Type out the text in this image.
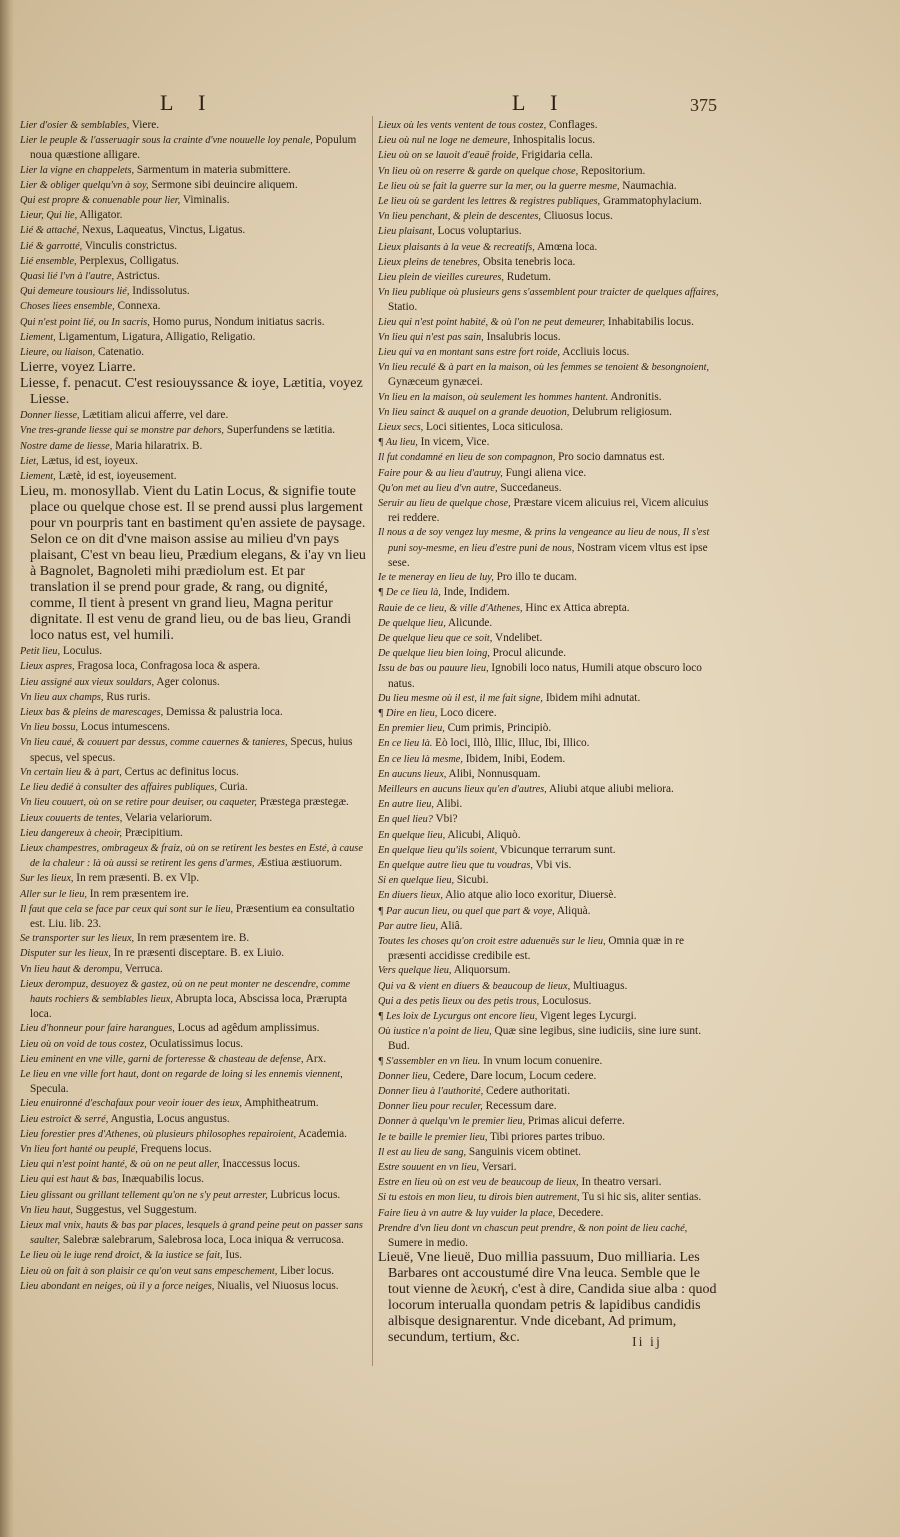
L I	L I	375

Lier d'osier & semblables, Viere.

Lier le peuple & l'asseruagir sous la crainte d'vne nouuelle loy penale, Populum noua quæstione alligare.

Lier la vigne en chappelets, Sarmentum in materia submittere.

Lier & obliger quelqu'vn à soy, Sermone sibi deuincire aliquem.

Qui est propre & conuenable pour lier, Viminalis.

Lieur, Qui lie, Alligator.

Lié & attaché, Nexus, Laqueatus, Vinctus, Ligatus.

Lié & garrotté, Vinculis constrictus.

Lié ensemble, Perplexus, Colligatus.

Quasi lié l'vn à l'autre, Astrictus.

Qui demeure tousiours lié, Indissolutus.

Choses liees ensemble, Connexa.

Qui n'est point lié, ou In sacris, Homo purus, Nondum initiatus sacris.

Liement, Ligamentum, Ligatura, Alligatio, Religatio.

Lieure, ou liaison, Catenatio.

Lierre, voyez Liarre.

Liesse, f. penacut. C'est resiouyssance & ioye, Lætitia, voyez Liesse.

Donner liesse, Lætitiam alicui afferre, vel dare.

Vne tres-grande liesse qui se monstre par dehors, Superfundens se lætitia.

Nostre dame de liesse, Maria hilaratrix. B.

Liet, Lætus, id est, ioyeux.

Liement, Lætè, id est, ioyeusement.

Lieu, m. monosyllab. Vient du Latin Locus, & signifie toute place ou quelque chose est. Il se prend aussi plus largement pour vn pourpris tant en bastiment qu'en assiete de paysage. Selon ce on dit d'vne maison assise au milieu d'vn pays plaisant, C'est vn beau lieu, Prædium elegans, & i'ay vn lieu à Bagnolet, Bagnoleti mihi prædiolum est. Et par translation il se prend pour grade, & rang, ou dignité, comme, Il tient à present vn grand lieu, Magna peritur dignitate. Il est venu de grand lieu, ou de bas lieu, Grandi loco natus est, vel humili.

Petit lieu, Loculus.

Lieux aspres, Fragosa loca, Confragosa loca & aspera.

Lieu assigné aux vieux souldars, Ager colonus.

Vn lieu aux champs, Rus ruris.

Lieux bas & pleins de marescages, Demissa & palustria loca.

Vn lieu bossu, Locus intumescens.

Vn lieu caué, & couuert par dessus, comme cauernes & tanieres, Specus, huius specus, vel specus.

Vn certain lieu & à part, Certus ac definitus locus.

Le lieu dedié à consulter des affaires publiques, Curia.

Vn lieu couuert, où on se retire pour deuiser, ou caqueter, Præstega præstegæ.

Lieux couuerts de tentes, Velaria velariorum.

Lieu dangereux à cheoir, Præcipitium.

Lieux champestres, ombrageux & fraiz, où on se retirent les bestes en Esté, à cause de la chaleur : là où aussi se retirent les gens d'armes, Æstiua æstiuorum.

Sur les lieux, In rem præsenti. B. ex Vlp.

Aller sur le lieu, In rem præsentem ire.

Il faut que cela se face par ceux qui sont sur le lieu, Præsentium ea consultatio est. Liu. lib. 23.

Se transporter sur les lieux, In rem præsentem ire. B.

Disputer sur les lieux, In re præsenti disceptare. B. ex Liuio.

Vn lieu haut & derompu, Verruca.

Lieux derompuz, desuoyez & gastez, où on ne peut monter ne descendre, comme hauts rochiers & semblables lieux, Abrupta loca, Abscissa loca, Prærupta loca.

Lieu d'honneur pour faire harangues, Locus ad agêdum amplissimus.

Lieu où on void de tous costez, Oculatissimus locus.

Lieu eminent en vne ville, garni de forteresse & chasteau de defense, Arx.

Le lieu en vne ville fort haut, dont on regarde de loing si les ennemis viennent, Specula.

Lieu enuironné d'eschafaux pour veoir iouer des ieux, Amphitheatrum.

Lieu estroict & serré, Angustia, Locus angustus.

Lieu forestier pres d'Athenes, où plusieurs philosophes repairoient, Academia.

Vn lieu fort hanté ou peuplé, Frequens locus.

Lieu qui n'est point hanté, & où on ne peut aller, Inaccessus locus.

Lieu qui est haut & bas, Inæquabilis locus.

Lieu glissant ou grillant tellement qu'on ne s'y peut arrester, Lubricus locus.

Vn lieu haut, Suggestus, vel Suggestum.

Lieux mal vnix, hauts & bas par places, lesquels à grand peine peut on passer sans saulter, Salebræ salebrarum, Salebrosa loca, Loca iniqua & verrucosa.

Le lieu où le iuge rend droict, & la iustice se fait, Ius.

Lieu où on fait à son plaisir ce qu'on veut sans empeschement, Liber locus.

Lieu abondant en neiges, où il y a force neiges, Niualis, vel Niuosus locus.

Lieux où les vents ventent de tous costez, Conflages.

Lieu où nul ne loge ne demeure, Inhospitalis locus.

Lieu où on se lauoit d'eauë froide, Frigidaria cella.

Vn lieu où on reserre & garde on quelque chose, Repositorium.

Le lieu où se fait la guerre sur la mer, ou la guerre mesme, Naumachia.

Le lieu où se gardent les lettres & registres publiques, Grammatophylacium.

Vn lieu penchant, & plein de descentes, Cliuosus locus.

Lieu plaisant, Locus voluptarius.

Lieux plaisants à la veue & recreatifs, Amœna loca.

Lieux pleins de tenebres, Obsita tenebris loca.

Lieu plein de vieilles cureures, Rudetum.

Vn lieu publique où plusieurs gens s'assemblent pour traicter de quelques affaires, Statio.

Lieu qui n'est point habité, & où l'on ne peut demeurer, Inhabitabilis locus.

Vn lieu qui n'est pas sain, Insalubris locus.

Lieu qui va en montant sans estre fort roide, Accliuis locus.

Vn lieu reculé & à part en la maison, où les femmes se tenoient & besongnoient, Gynæceum gynæcei.

Vn lieu en la maison, où seulement les hommes hantent. Andronitis.

Vn lieu sainct & auquel on a grande deuotion, Delubrum religiosum.

Lieux secs, Loci sitientes, Loca siticulosa.

¶ Au lieu, In vicem, Vice.

Il fut condamné en lieu de son compagnon, Pro socio damnatus est.

Faire pour & au lieu d'autruy, Fungi aliena vice.

Qu'on met au lieu d'vn autre, Succedaneus.

Seruir au lieu de quelque chose, Præstare vicem alicuius rei, Vicem alicuius rei reddere.

Il nous a de soy vengez luy mesme, & prins la vengeance au lieu de nous, Il s'est puni soy-mesme, en lieu d'estre puni de nous, Nostram vicem vltus est ipse sese.

Ie te meneray en lieu de luy, Pro illo te ducam.

¶ De ce lieu là, Inde, Indidem.

Rauie de ce lieu, & ville d'Athenes, Hinc ex Attica abrepta.

De quelque lieu, Alicunde.

De quelque lieu que ce soit, Vndelibet.

De quelque lieu bien loing, Procul alicunde.

Issu de bas ou pauure lieu, Ignobili loco natus, Humili atque obscuro loco natus.

Du lieu mesme où il est, il me fait signe, Ibidem mihi adnutat.

¶ Dire en lieu, Loco dicere.

En premier lieu, Cum primis, Principiò.

En ce lieu là. Eò loci, Illò, Illic, Illuc, Ibi, Illico.

En ce lieu là mesme, Ibidem, Inibi, Eodem.

En aucuns lieux, Alibi, Nonnusquam.

Meilleurs en aucuns lieux qu'en d'autres, Aliubi atque aliubi meliora.

En autre lieu, Alibi.

En quel lieu? Vbi?

En quelque lieu, Alicubi, Aliquò.

En quelque lieu qu'ils soient, Vbicunque terrarum sunt.

En quelque autre lieu que tu voudras, Vbi vis.

Si en quelque lieu, Sicubi.

En diuers lieux, Alio atque alio loco exoritur, Diuersè.

¶ Par aucun lieu, ou quel que part & voye, Aliquà.

Par autre lieu, Aliâ.

Toutes les choses qu'on croit estre aduenuës sur le lieu, Omnia quæ in re præsenti accidisse credibile est.

Vers quelque lieu, Aliquorsum.

Qui va & vient en diuers & beaucoup de lieux, Multiuagus.

Qui a des petis lieux ou des petis trous, Loculosus.

¶ Les loix de Lycurgus ont encore lieu, Vigent leges Lycurgi.

Où iustice n'a point de lieu, Quæ sine legibus, sine iudiciis, sine iure sunt. Bud.

¶ S'assembler en vn lieu. In vnum locum conuenire.

Donner lieu, Cedere, Dare locum, Locum cedere.

Donner lieu à l'authorité, Cedere authoritati.

Donner lieu pour reculer, Recessum dare.

Donner à quelqu'vn le premier lieu, Primas alicui deferre.

Ie te baille le premier lieu, Tibi priores partes tribuo.

Il est au lieu de sang, Sanguinis vicem obtinet.

Estre souuent en vn lieu, Versari.

Estre en lieu où on est veu de beaucoup de lieux, In theatro versari.

Si tu estois en mon lieu, tu dirois bien autrement, Tu si hic sis, aliter sentias.

Faire lieu à vn autre & luy vuider la place, Decedere.

Prendre d'vn lieu dont vn chascun peut prendre, & non point de lieu caché, Sumere in medio.

Lieuë, Vne lieuë, Duo millia passuum, Duo milliaria. Les Barbares ont accoustumé dire Vna leuca. Semble que le tout vienne de λευκή, c'est à dire, Candida siue alba : quod locorum interualla quondam petris & lapidibus candidis albisque designarentur. Vnde dicebant, Ad primum, secundum, tertium, &c.	Ii ij
